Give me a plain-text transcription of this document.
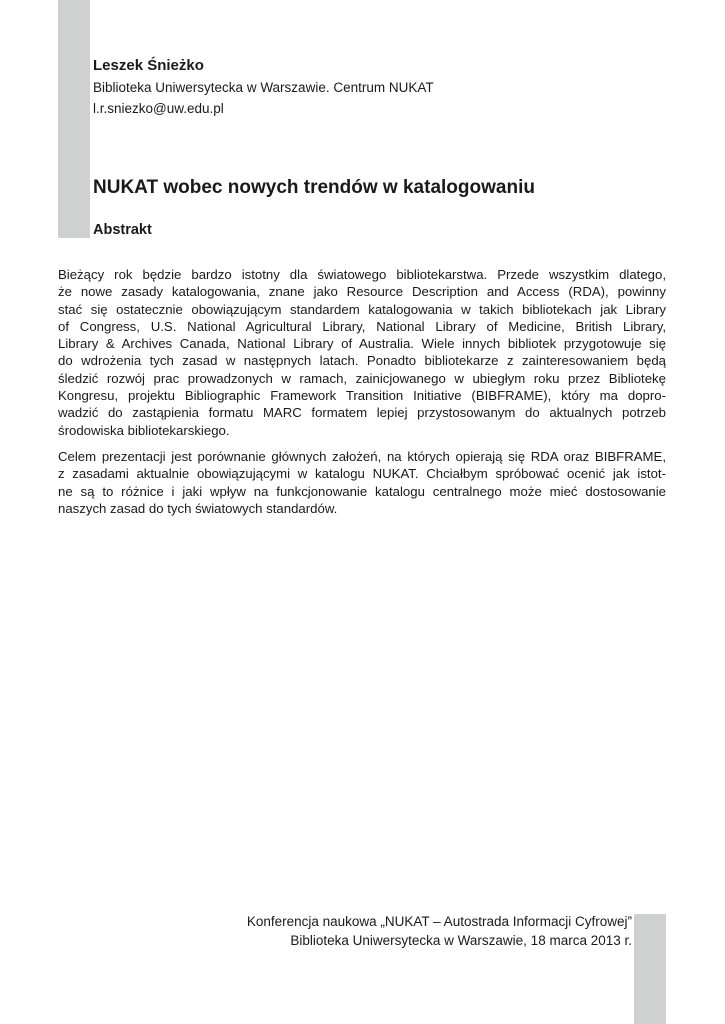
Leszek Śnieżko
Biblioteka Uniwersytecka w Warszawie. Centrum NUKAT
l.r.sniezko@uw.edu.pl
NUKAT wobec nowych trendów w katalogowaniu
Abstrakt

Bieżący rok będzie bardzo istotny dla światowego bibliotekarstwa. Przede wszystkim dlatego,
że nowe zasady katalogowania, znane jako Resource Description and Access (RDA), powinny
stać się ostatecznie obowiązującym standardem katalogowania w takich bibliotekach jak Library
of Congress, U.S. National Agricultural Library, National Library of Medicine, British Library,
Library & Archives Canada, National Library of Australia. Wiele innych bibliotek przygotowuje się
do wdrożenia tych zasad w następnych latach. Ponadto bibliotekarze z zainteresowaniem będą
śledzić rozwój prac prowadzonych w ramach, zainicjowanego w ubiegłym roku przez Bibliotekę
Kongresu, projektu Bibliographic Framework Transition Initiative (BIBFRAME), który ma dopro-
wadzić do zastąpienia formatu MARC formatem lepiej przystosowanym do aktualnych potrzeb
środowiska bibliotekarskiego.

Celem prezentacji jest porównanie głównych założeń, na których opierają się RDA oraz BIBFRAME,
z zasadami aktualnie obowiązującymi w katalogu NUKAT. Chciałbym spróbować ocenić jak istot-
ne są to różnice i jaki wpływ na funkcjonowanie katalogu centralnego może mieć dostosowanie
naszych zasad do tych światowych standardów.

Konferencja naukowa „NUKAT – Autostrada Informacji Cyfrowej”
Biblioteka Uniwersytecka w Warszawie, 18 marca 2013 r.
